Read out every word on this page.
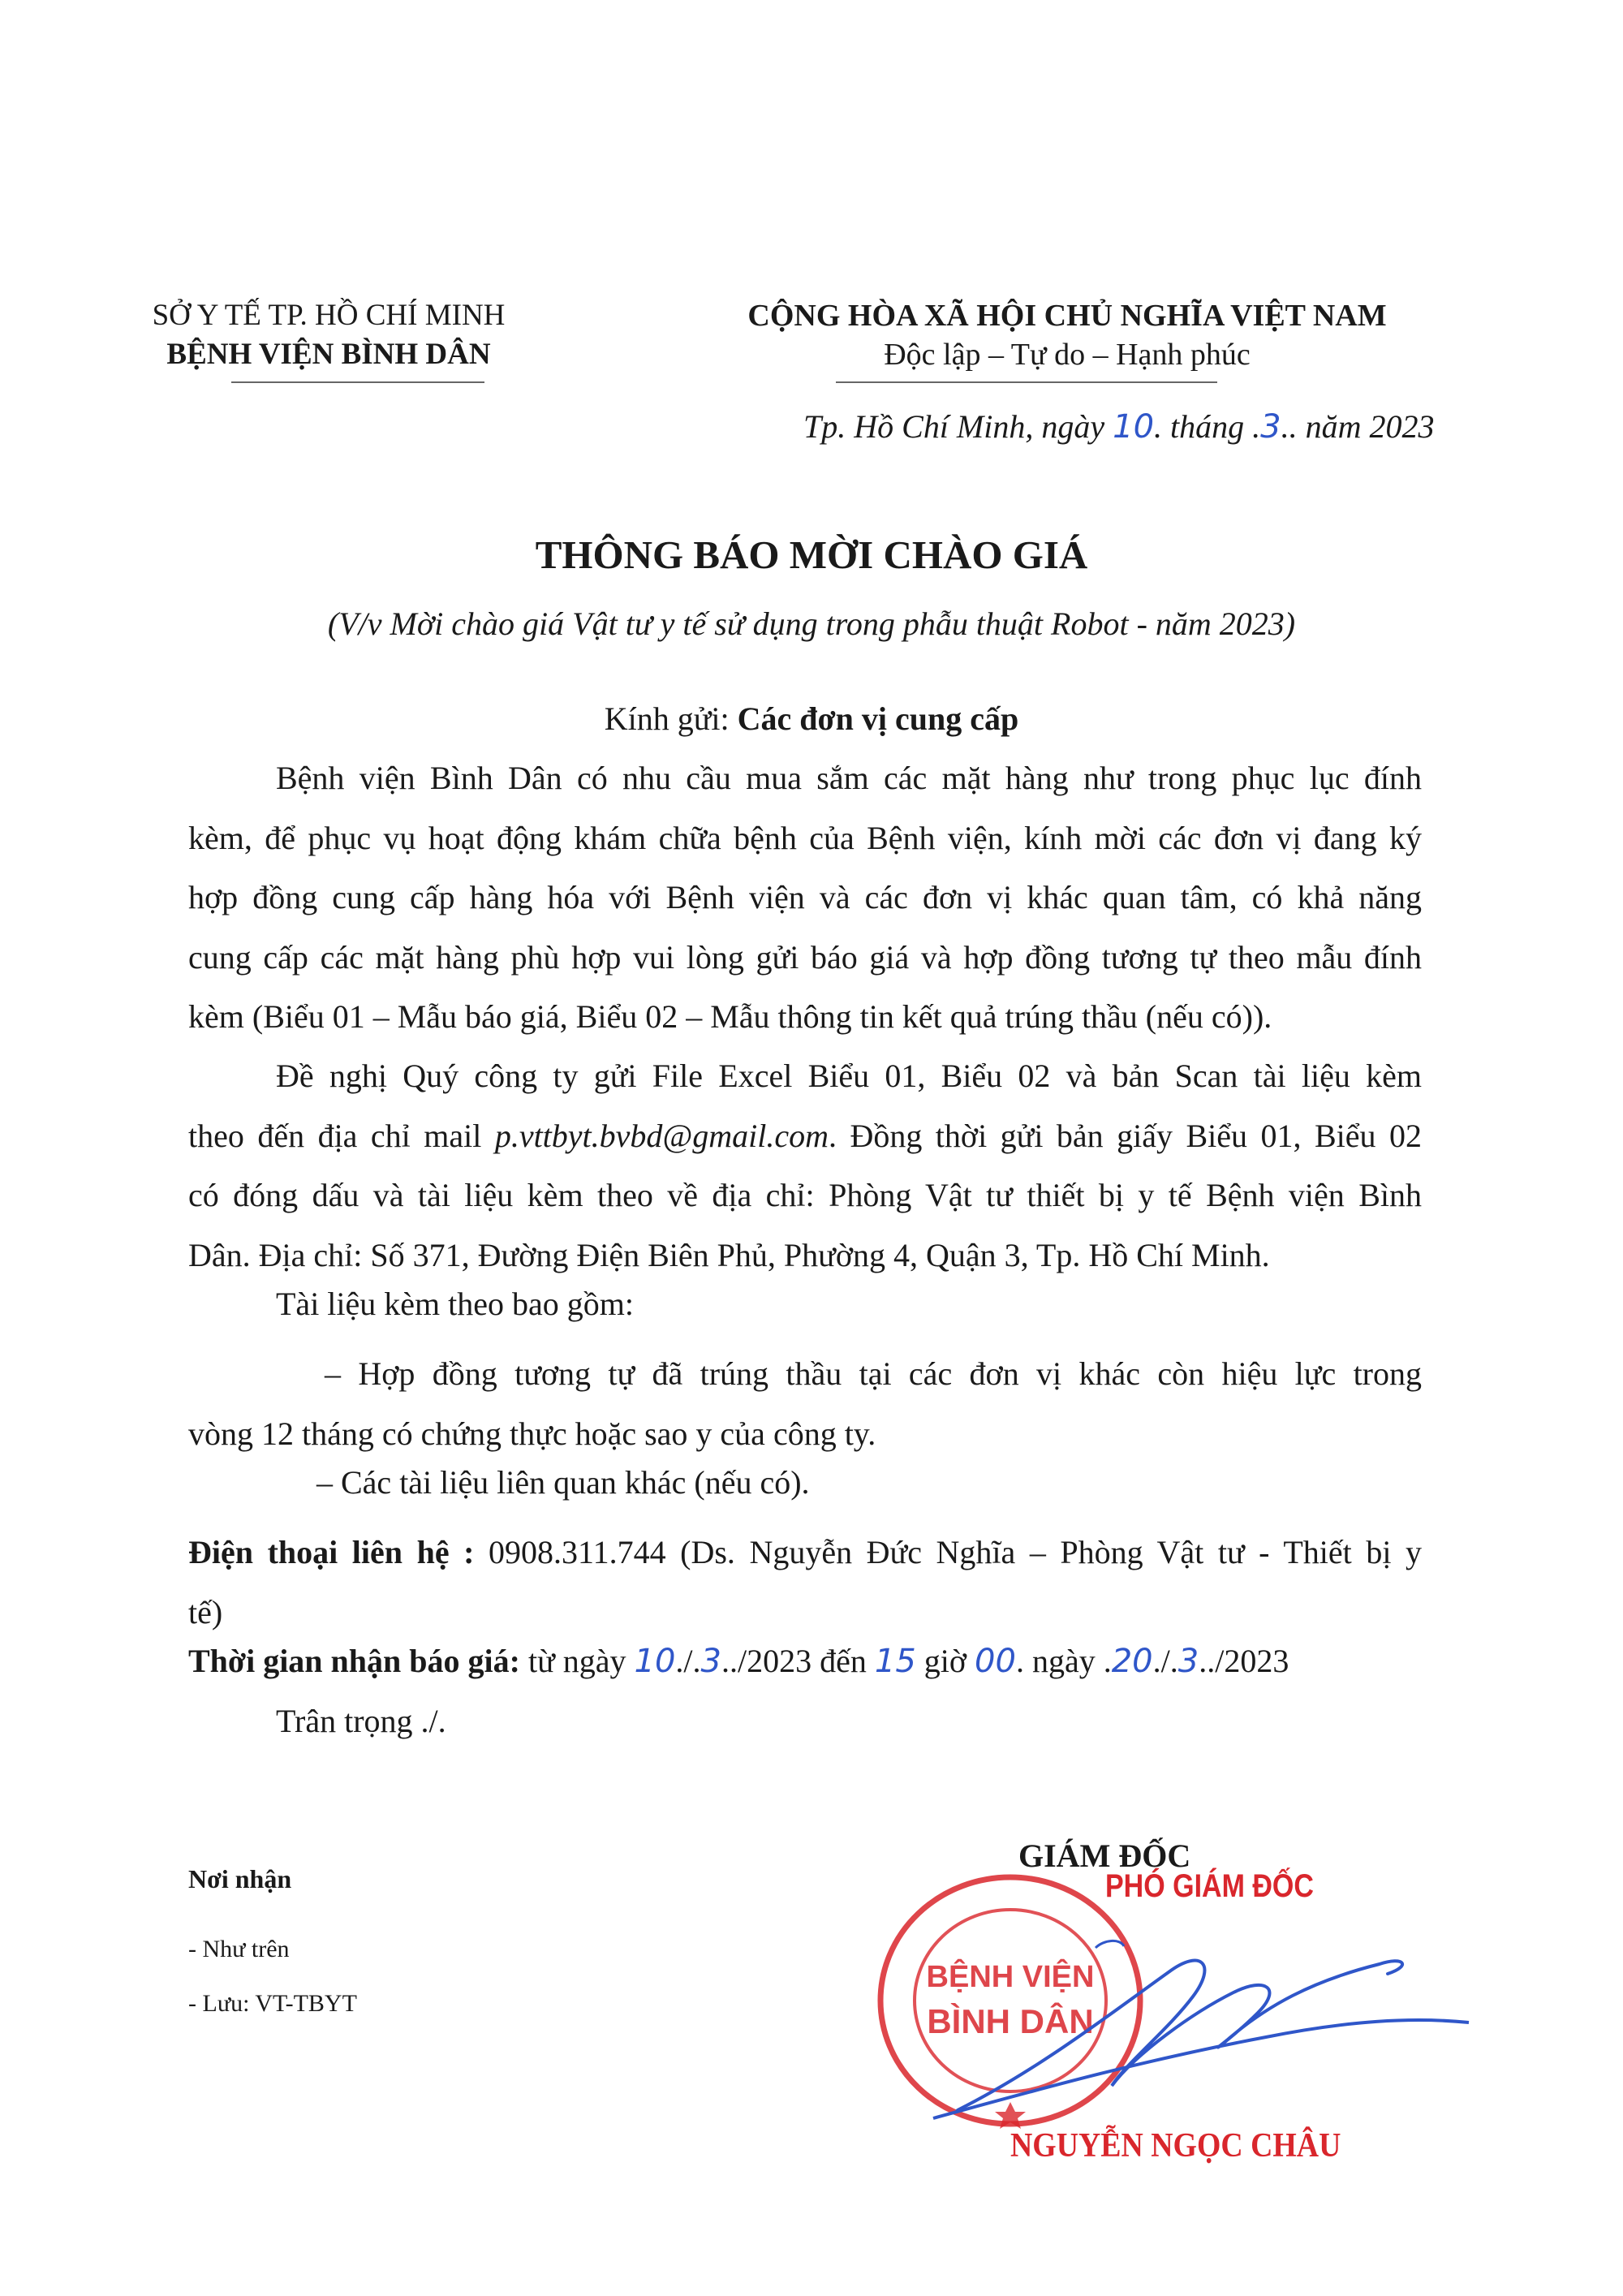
SỞ Y TẾ TP. HỒ CHÍ MINH
BỆNH VIỆN BÌNH DÂN
CỘNG HÒA XÃ HỘI CHỦ NGHĨA VIỆT NAM
Độc lập – Tự do – Hạnh phúc
Tp. Hồ Chí Minh, ngày 10. tháng .3.. năm 2023
THÔNG BÁO MỜI CHÀO GIÁ
(V/v Mời chào giá Vật tư y tế sử dụng trong phẫu thuật Robot - năm 2023)
Kính gửi: Các đơn vị cung cấp
Bệnh viện Bình Dân có nhu cầu mua sắm các mặt hàng như trong phục lục đính
kèm, để phục vụ hoạt động khám chữa bệnh của Bệnh viện, kính mời các đơn vị đang ký
hợp đồng cung cấp hàng hóa với Bệnh viện và các đơn vị khác quan tâm, có khả năng
cung cấp các mặt hàng phù hợp vui lòng gửi báo giá và hợp đồng tương tự theo mẫu đính
kèm (Biểu 01 – Mẫu báo giá, Biểu 02 – Mẫu thông tin kết quả trúng thầu (nếu có)).
Đề nghị Quý công ty gửi File Excel Biểu 01, Biểu 02 và bản Scan tài liệu kèm
theo đến địa chỉ mail p.vttbyt.bvbd@gmail.com. Đồng thời gửi bản giấy Biểu 01, Biểu 02
có đóng dấu và tài liệu kèm theo về địa chỉ: Phòng Vật tư thiết bị y tế Bệnh viện Bình
Dân. Địa chỉ: Số 371, Đường Điện Biên Phủ, Phường 4, Quận 3, Tp. Hồ Chí Minh.
Tài liệu kèm theo bao gồm:
– Hợp đồng tương tự đã trúng thầu tại các đơn vị khác còn hiệu lực trong
vòng 12 tháng có chứng thực hoặc sao y của công ty.
– Các tài liệu liên quan khác (nếu có).
Điện thoại liên hệ : 0908.311.744 (Ds. Nguyễn Đức Nghĩa – Phòng Vật tư - Thiết bị y
tế)
Thời gian nhận báo giá: từ ngày 10./.3../2023 đến 15 giờ 00. ngày .20./.3../2023
Trân trọng ./.
Nơi nhận
- Như trên
- Lưu: VT-TBYT
GIÁM ĐỐC
BỆNH VIỆN
BÌNH DÂN
PHÓ GIÁM ĐỐC
NGUYỄN NGỌC CHÂU
